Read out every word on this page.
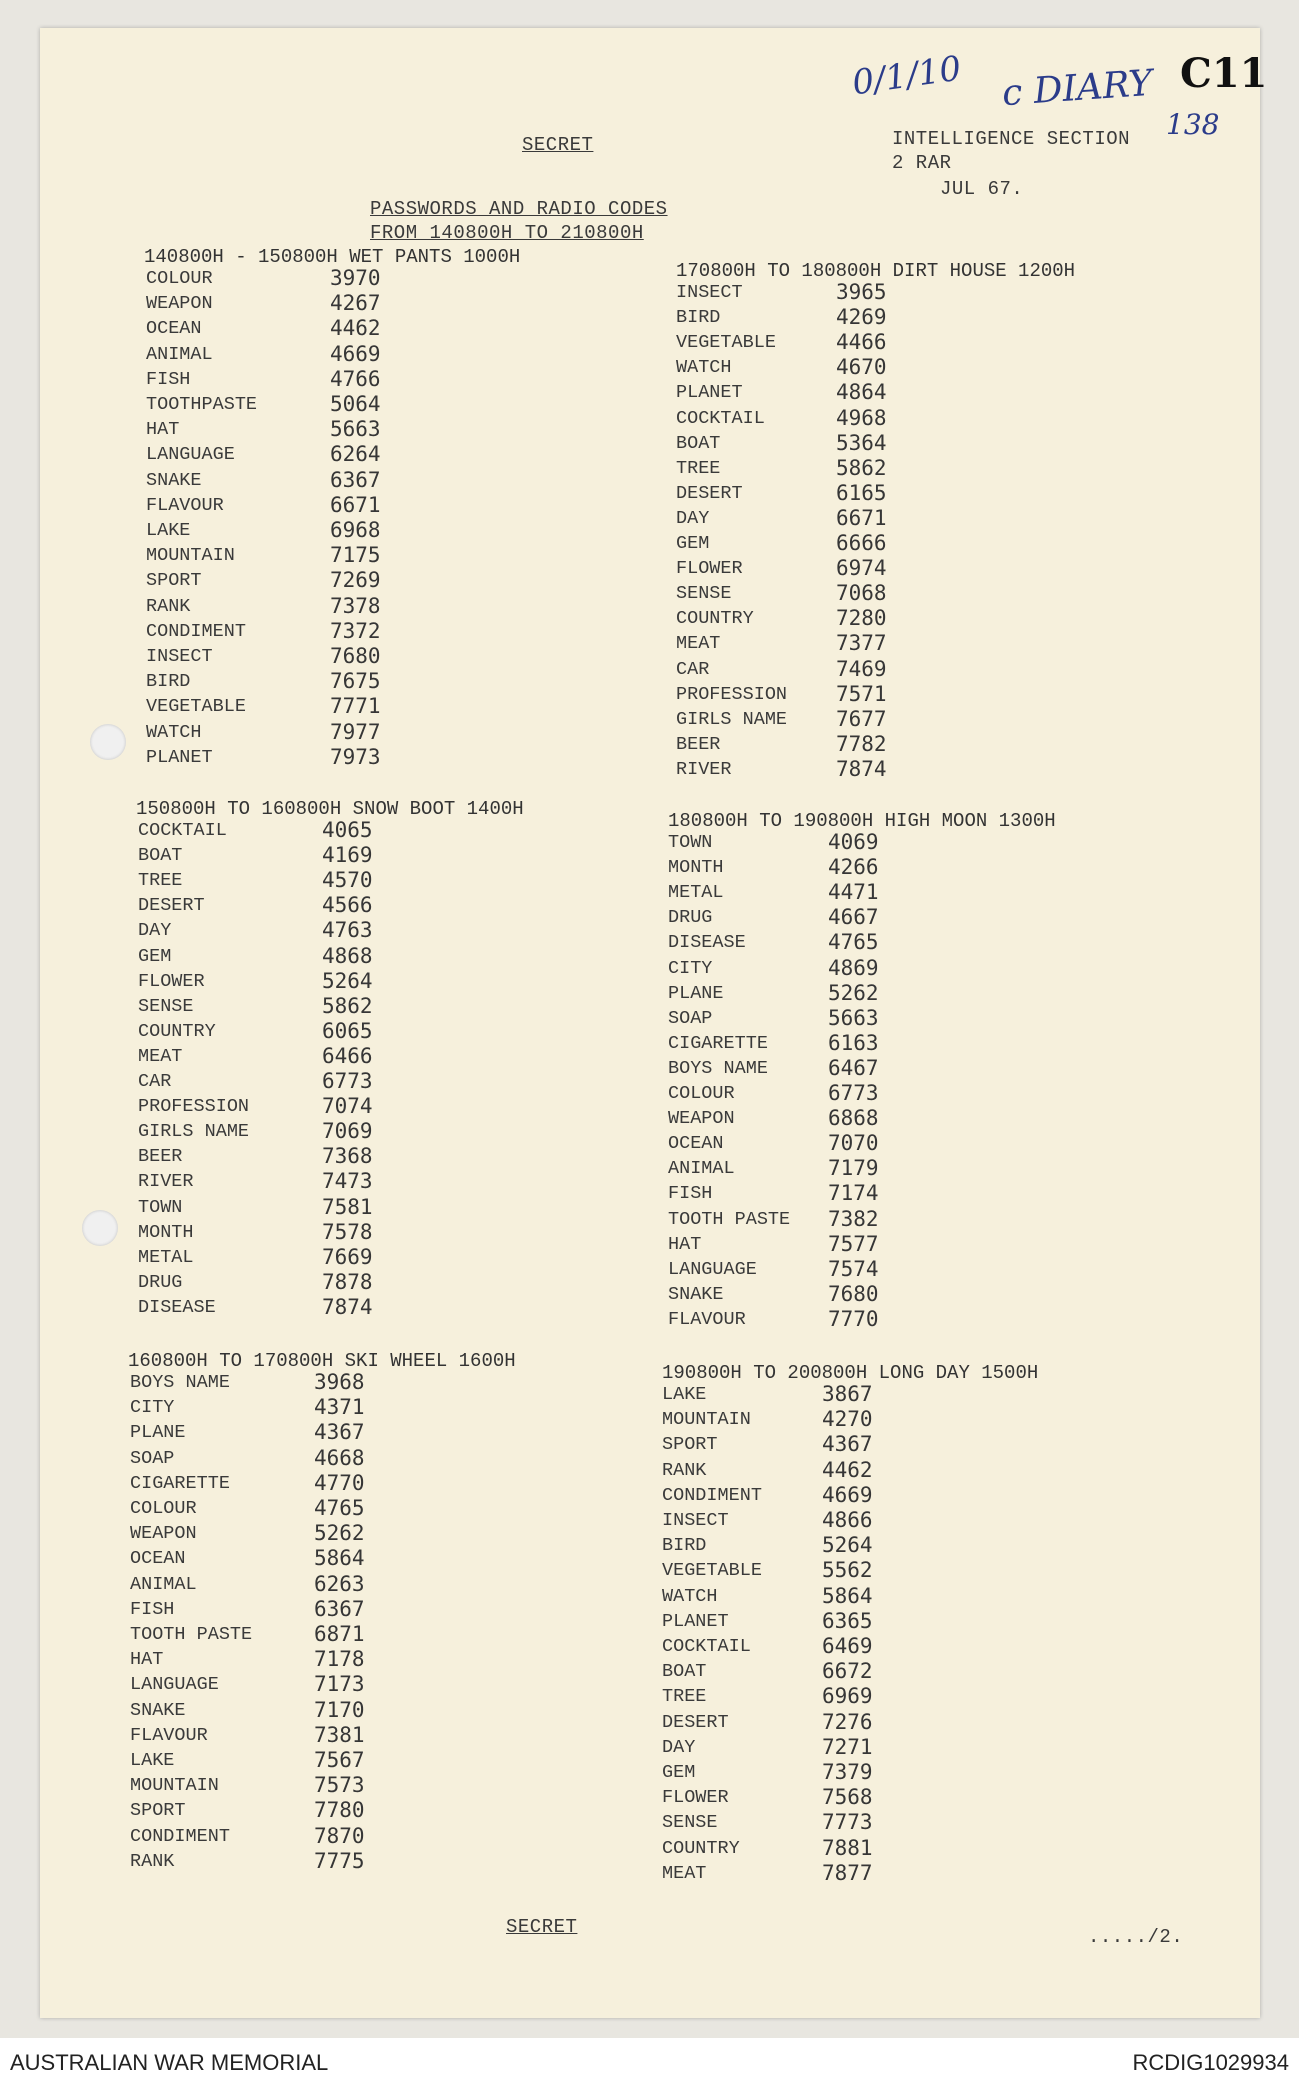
0/1/10 c DIARY C11
138
SECRET	INTELLIGENCE SECTION
2 RAR
JUL 67.
PASSWORDS AND RADIO CODES
FROM 140800H TO 210800H
140800H - 150800H WET PANTS 1000H
COLOUR	3970
WEAPON	4267
OCEAN	4462
ANIMAL	4669
FISH	4766
TOOTHPASTE	5064
HAT	5663
LANGUAGE	6264
SNAKE	6367
FLAVOUR	6671
LAKE	6968
MOUNTAIN	7175
SPORT	7269
RANK	7378
CONDIMENT	7372
INSECT	7680
BIRD	7675
VEGETABLE	7771
WATCH	7977
PLANET	7973
170800H TO 180800H DIRT HOUSE 1200H
INSECT	3965
BIRD	4269
VEGETABLE	4466
WATCH	4670
PLANET	4864
COCKTAIL	4968
BOAT	5364
TREE	5862
DESERT	6165
DAY	6671
GEM	6666
FLOWER	6974
SENSE	7068
COUNTRY	7280
MEAT	7377
CAR	7469
PROFESSION 7571
GIRLS NAME 7677
BEER	7782
RIVER	7874
150800H TO 160800H SNOW BOOT 1400H
COCKTAIL	4065
BOAT	4169
TREE	4570
DESERT	4566
DAY	4763
GEM	4868
FLOWER	5264
SENSE	5862
COUNTRY	6065
MEAT	6466
CAR	6773
PROFESSION	7074
GIRLS NAME	7069
BEER	7368
RIVER	7473
TOWN	7581
MONTH	7578
METAL	7669
DRUG	7878
DISEASE	7874
180800H TO 190800H HIGH MOON 1300H
TOWN	4069
MONTH	4266
METAL	4471
DRUG	4667
DISEASE	4765
CITY	4869
PLANE	5262
SOAP	5663
CIGARETTE	6163
BOYS NAME	6467
COLOUR	6773
WEAPON	6868
OCEAN	7070
ANIMAL	7179
FISH	7174
TOOTH PASTE 7382
HAT	7577
LANGUAGE	7574
SNAKE	7680
FLAVOUR	7770
160800H TO 170800H SKI WHEEL 1600H
BOYS NAME	3968
CITY	4371
PLANE	4367
SOAP	4668
CIGARETTE	4770
COLOUR	4765
WEAPON	5262
OCEAN	5864
ANIMAL	6263
FISH	6367
TOOTH PASTE	6871
HAT	7178
LANGUAGE	7173
SNAKE	7170
FLAVOUR	7381
LAKE	7567
MOUNTAIN	7573
SPORT	7780
CONDIMENT	7870
RANK	7775
190800H TO 200800H LONG DAY 1500H
LAKE	3867
MOUNTAIN	4270
SPORT	4367
RANK	4462
CONDIMENT	4669
INSECT	4866
BIRD	5264
VEGETABLE	5562
WATCH	5864
PLANET	6365
COCKTAIL	6469
BOAT	6672
TREE	6969
DESERT	7276
DAY	7271
GEM	7379
FLOWER	7568
SENSE	7773
COUNTRY	7881
MEAT	7877
SECRET	...../2.
AUSTRALIAN WAR MEMORIAL	RCDIG1029934
